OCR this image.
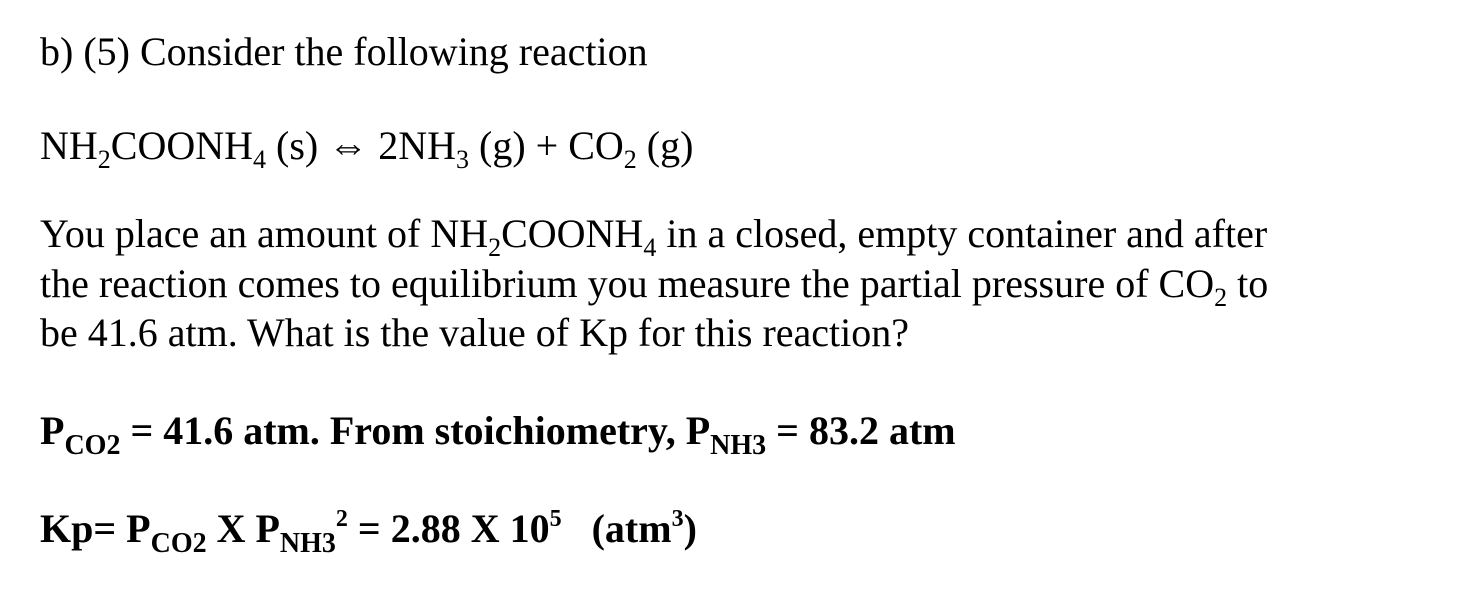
b) (5) Consider the following reaction
$NH_2COONH_4$ (s) ⇔ $2NH_3$ $(g) + CO_2$ (g)
You place an amount of $NH_2COONH_4$ in a closed, empty container and after
the reaction comes to equilibrium you measure the partial pressure of $CO_2$ to
be 41.6 atm. What is the value of Kp for this reaction?
$P_{CO2} = 41.6$ atm. From stoichiometry, $P_{NH3} = 83.2$ atm
$Kp= P_{CO2}$ X $P_{NH3}^2 = 2.88$ X $10^5$   (atm$^3$)
